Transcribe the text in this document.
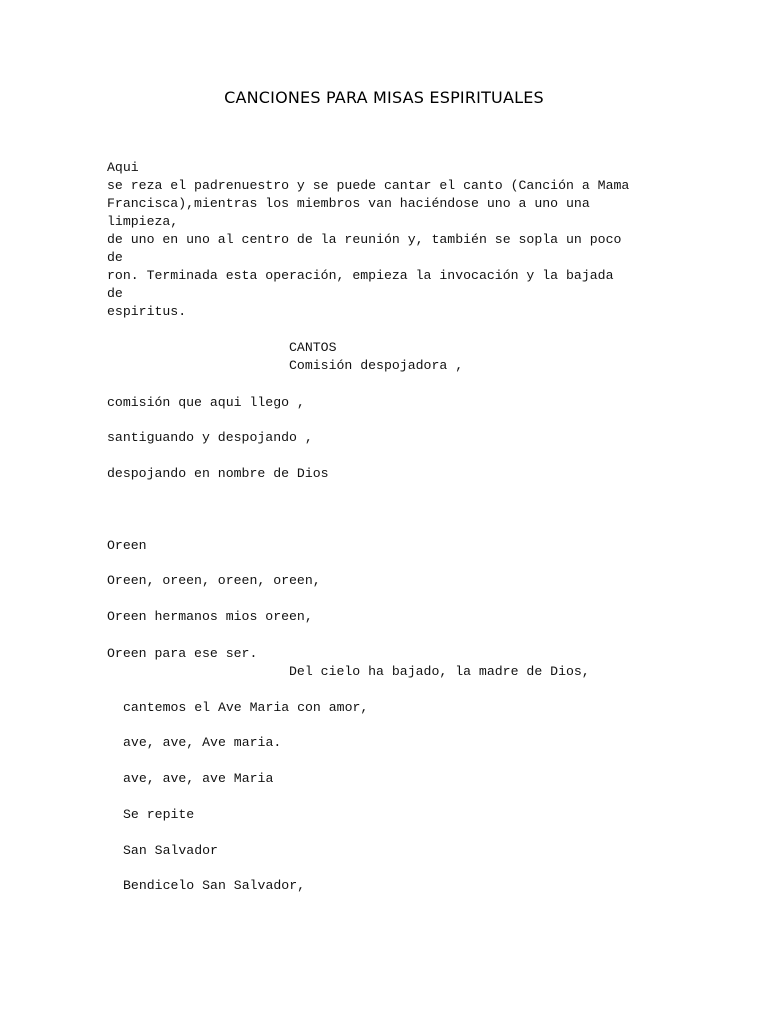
CANCIONES PARA MISAS ESPIRITUALES
Aqui
se reza el padrenuestro y se puede cantar el canto (Canción a Mama
Francisca),mientras los miembros van haciéndose uno a uno una
limpieza,
de uno en uno al centro de la reunión y, también se sopla un poco
de
ron. Terminada esta operación, empieza la invocación y la bajada
de
espiritus.
CANTOS
Comisión despojadora ,
comisión que aqui llego ,
santiguando y despojando ,
despojando en nombre de Dios
Oreen
Oreen, oreen, oreen, oreen,
Oreen hermanos mios oreen,
Oreen para ese ser.
Del cielo ha bajado, la madre de Dios,
cantemos el Ave Maria con amor,
ave, ave, Ave maria.
ave, ave, ave Maria
Se repite
San Salvador
Bendicelo San Salvador,
